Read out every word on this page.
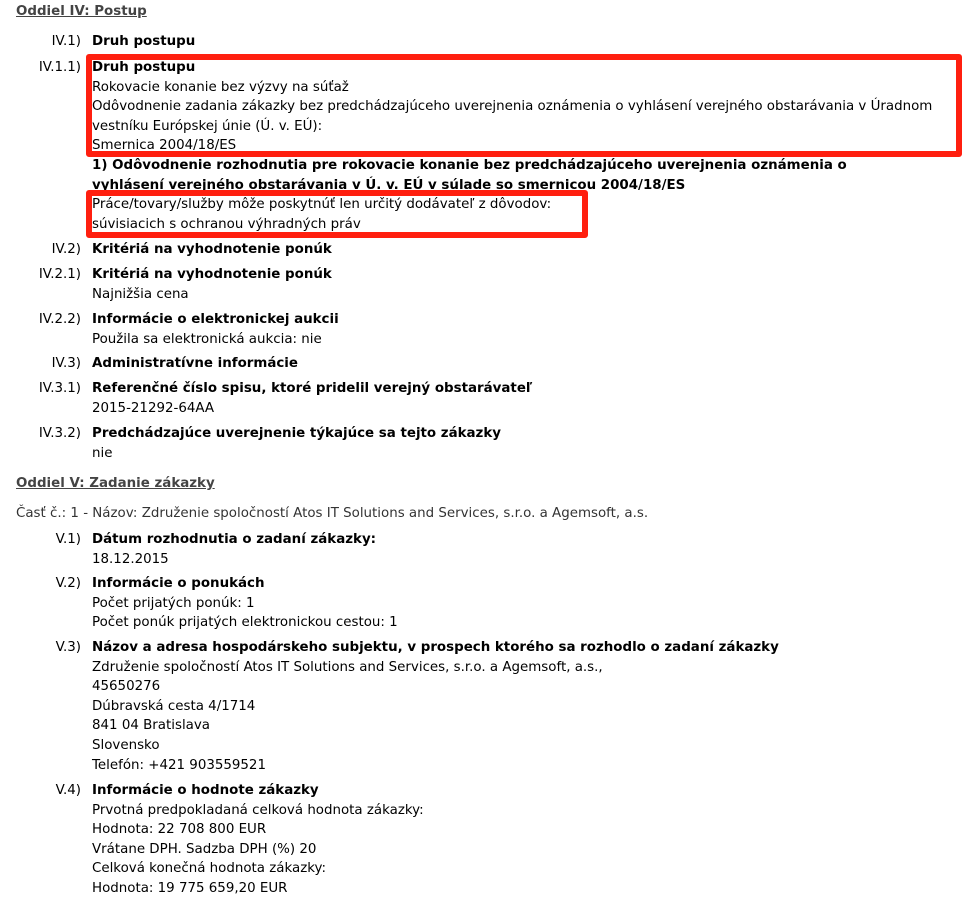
Oddiel IV: Postup
IV.1) Druh postupu
IV.1.1) Druh postupu
Rokovacie konanie bez výzvy na súťaž
Odôvodnenie zadania zákazky bez predchádzajúceho uverejnenia oznámenia o vyhlásení verejného obstarávania v Úradnom vestníku Európskej únie (Ú. v. EÚ):
Smernica 2004/18/ES
1) Odôvodnenie rozhodnutia pre rokovacie konanie bez predchádzajúceho uverejnenia oznámenia o vyhlásení verejného obstarávania v Ú. v. EÚ v súlade so smernicou 2004/18/ES
Práce/tovary/služby môže poskytnúť len určitý dodávateľ z dôvodov:
súvisiacich s ochranou výhradných práv
IV.2) Kritériá na vyhodnotenie ponúk
IV.2.1) Kritériá na vyhodnotenie ponúk
Najnižšia cena
IV.2.2) Informácie o elektronickej aukcii
Použila sa elektronická aukcia: nie
IV.3) Administratívne informácie
IV.3.1) Referenčné číslo spisu, ktoré pridelil verejný obstarávateľ
2015-21292-64AA
IV.3.2) Predchádzajúce uverejnenie týkajúce sa tejto zákazky
nie
Oddiel V: Zadanie zákazky
Časť č.: 1 - Názov: Združenie spoločností Atos IT Solutions and Services, s.r.o. a Agemsoft, a.s.
V.1) Dátum rozhodnutia o zadaní zákazky:
18.12.2015
V.2) Informácie o ponukách
Počet prijatých ponúk: 1
Počet ponúk prijatých elektronickou cestou: 1
V.3) Názov a adresa hospodárskeho subjektu, v prospech ktorého sa rozhodlo o zadaní zákazky
Združenie spoločností Atos IT Solutions and Services, s.r.o. a Agemsoft, a.s.,
45650276
Dúbravská cesta 4/1714
841 04 Bratislava
Slovensko
Telefón: +421 903559521
V.4) Informácie o hodnote zákazky
Prvotná predpokladaná celková hodnota zákazky:
Hodnota: 22 708 800 EUR
Vrátane DPH. Sadzba DPH (%) 20
Celková konečná hodnota zákazky:
Hodnota: 19 775 659,20 EUR
